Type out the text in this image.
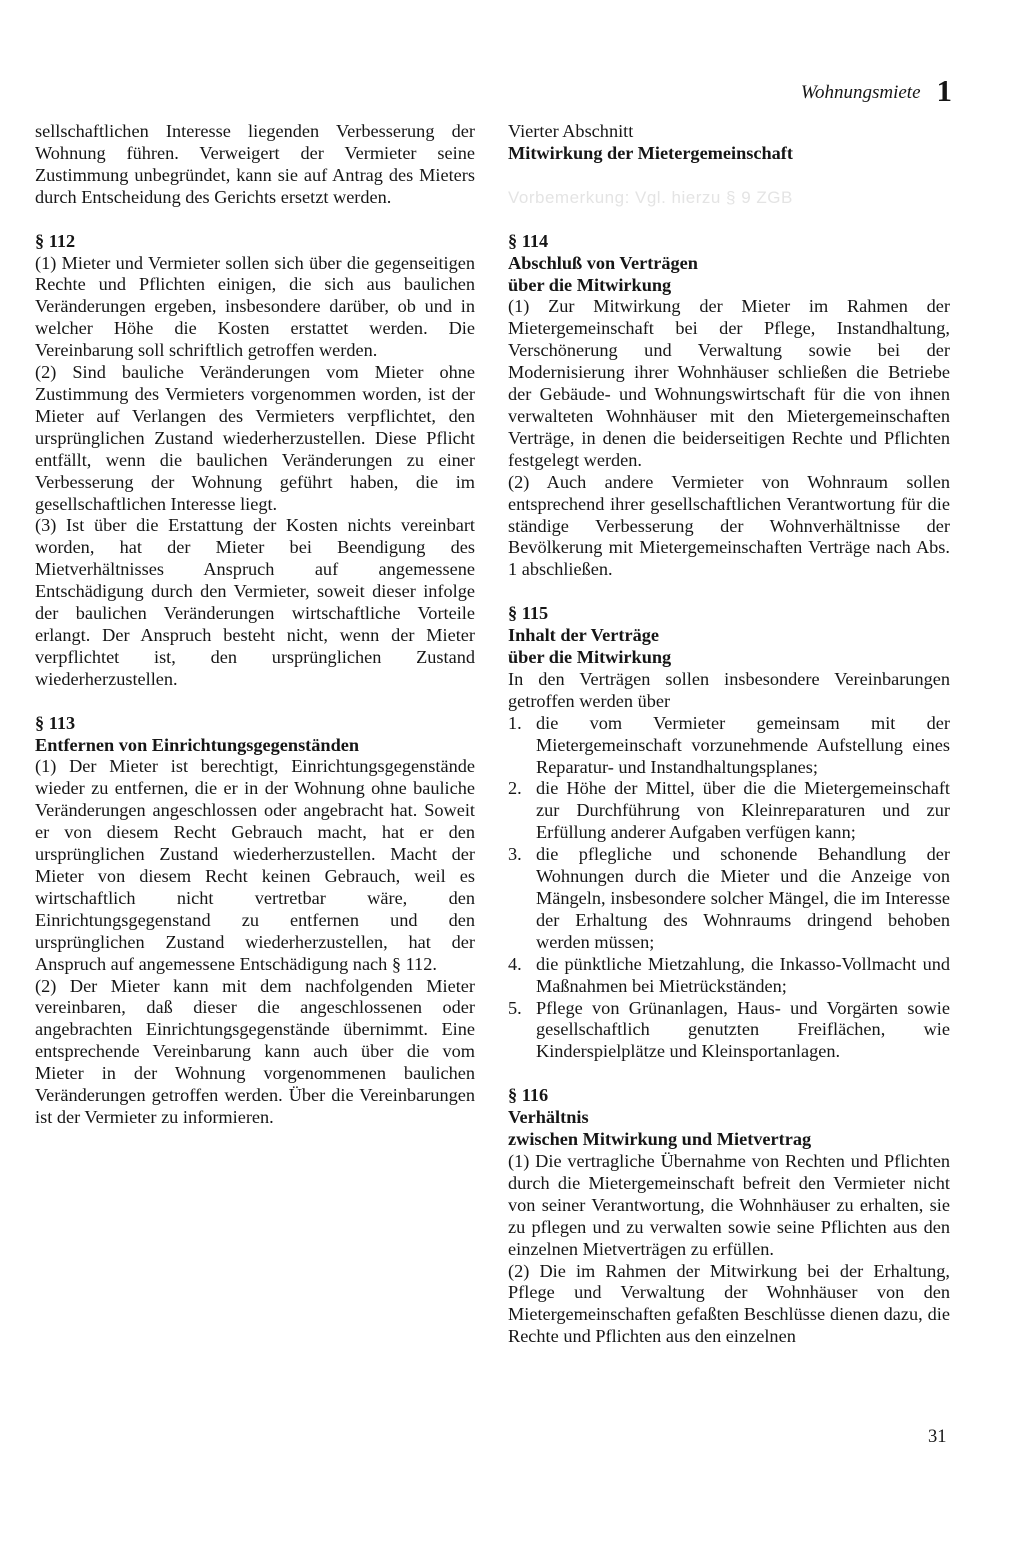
Wohnungsmiete 1

sellschaftlichen Interesse liegenden Verbesserung der Wohnung führen. Verweigert der Vermieter seine Zustimmung unbegründet, kann sie auf Antrag des Mieters durch Entscheidung des Gerichts ersetzt werden.

§ 112

(1) Mieter und Vermieter sollen sich über die gegenseitigen Rechte und Pflichten einigen, die sich aus baulichen Veränderungen ergeben, insbesondere darüber, ob und in welcher Höhe die Kosten erstattet werden. Die Vereinbarung soll schriftlich getroffen werden.

(2) Sind bauliche Veränderungen vom Mieter ohne Zustimmung des Vermieters vorgenommen worden, ist der Mieter auf Verlangen des Vermieters verpflichtet, den ursprünglichen Zustand wiederherzustellen. Diese Pflicht entfällt, wenn die baulichen Veränderungen zu einer Verbesserung der Wohnung geführt haben, die im gesellschaftlichen Interesse liegt.

(3) Ist über die Erstattung der Kosten nichts vereinbart worden, hat der Mieter bei Beendigung des Mietverhältnisses Anspruch auf angemessene Entschädigung durch den Vermieter, soweit dieser infolge der baulichen Veränderungen wirtschaftliche Vorteile erlangt. Der Anspruch besteht nicht, wenn der Mieter verpflichtet ist, den ursprünglichen Zustand wiederherzustellen.

§ 113
Entfernen von Einrichtungsgegenständen

(1) Der Mieter ist berechtigt, Einrichtungsgegenstände wieder zu entfernen, die er in der Wohnung ohne bauliche Veränderungen angeschlossen oder angebracht hat. Soweit er von diesem Recht Gebrauch macht, hat er den ursprünglichen Zustand wiederherzustellen. Macht der Mieter von diesem Recht keinen Gebrauch, weil es wirtschaftlich nicht vertretbar wäre, den Einrichtungsgegenstand zu entfernen und den ursprünglichen Zustand wiederherzustellen, hat der Anspruch auf angemessene Entschädigung nach § 112.

(2) Der Mieter kann mit dem nachfolgenden Mieter vereinbaren, daß dieser die angeschlossenen oder angebrachten Einrichtungsgegenstände übernimmt. Eine entsprechende Vereinbarung kann auch über die vom Mieter in der Wohnung vorgenommenen baulichen Veränderungen getroffen werden. Über die Vereinbarungen ist der Vermieter zu informieren.

Vierter Abschnitt
Mitwirkung der Mietergemeinschaft
Vorbemerkung: Vgl. hierzu § 9 ZGB
§ 114
Abschluß von Verträgen
über die Mitwirkung

(1) Zur Mitwirkung der Mieter im Rahmen der Mietergemeinschaft bei der Pflege, Instandhaltung, Verschönerung und Verwaltung sowie bei der Modernisierung ihrer Wohnhäuser schließen die Betriebe der Gebäude- und Wohnungswirtschaft für die von ihnen verwalteten Wohnhäuser mit den Mietergemeinschaften Verträge, in denen die beiderseitigen Rechte und Pflichten festgelegt werden.

(2) Auch andere Vermieter von Wohnraum sollen entsprechend ihrer gesellschaftlichen Verantwortung für die ständige Verbesserung der Wohnverhältnisse der Bevölkerung mit Mietergemeinschaften Verträge nach Abs. 1 abschließen.

§ 115
Inhalt der Verträge
über die Mitwirkung

In den Verträgen sollen insbesondere Vereinbarungen getroffen werden über

1. die vom Vermieter gemeinsam mit der Mietergemeinschaft vorzunehmende Aufstellung eines Reparatur- und Instandhaltungsplanes;
2. die Höhe der Mittel, über die die Mietergemeinschaft zur Durchführung von Kleinreparaturen und zur Erfüllung anderer Aufgaben verfügen kann;
3. die pflegliche und schonende Behandlung der Wohnungen durch die Mieter und die Anzeige von Mängeln, insbesondere solcher Mängel, die im Interesse der Erhaltung des Wohnraums dringend behoben werden müssen;
4. die pünktliche Mietzahlung, die Inkasso-Vollmacht und Maßnahmen bei Mietrückständen;
5. Pflege von Grünanlagen, Haus- und Vorgärten sowie gesellschaftlich genutzten Freiflächen, wie Kinderspielplätze und Kleinsportanlagen.
§ 116
Verhältnis
zwischen Mitwirkung und Mietvertrag

(1) Die vertragliche Übernahme von Rechten und Pflichten durch die Mietergemeinschaft befreit den Vermieter nicht von seiner Verantwortung, die Wohnhäuser zu erhalten, sie zu pflegen und zu verwalten sowie seine Pflichten aus den einzelnen Mietverträgen zu erfüllen.

(2) Die im Rahmen der Mitwirkung bei der Erhaltung, Pflege und Verwaltung der Wohnhäuser von den Mietergemeinschaften gefaßten Beschlüsse dienen dazu, die Rechte und Pflichten aus den einzelnen

31
